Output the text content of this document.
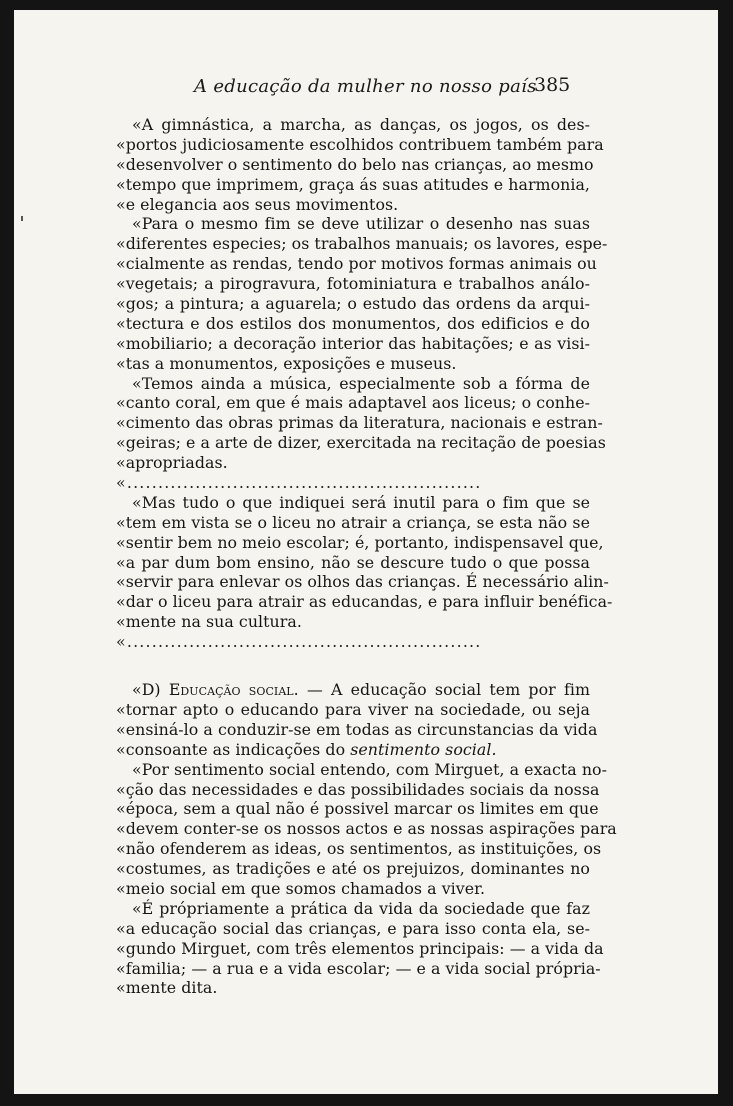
A educação da mulher no nosso país
385
«A gimnástica, a marcha, as danças, os jogos, os des-
«portos judiciosamente escolhidos contribuem também para
«desenvolver o sentimento do belo nas crianças, ao mesmo
«tempo que imprimem, graça ás suas atitudes e harmonia,
«e elegancia aos seus movimentos.
«Para o mesmo fim se deve utilizar o desenho nas suas
«diferentes especies; os trabalhos manuais; os lavores, espe-
«cialmente as rendas, tendo por motivos formas animais ou
«vegetais; a pirogravura, fotominiatura e trabalhos análo-
«gos; a pintura; a aguarela; o estudo das ordens da arqui-
«tectura e dos estilos dos monumentos, dos edificios e do
«mobiliario; a decoração interior das habitações; e as visi-
«tas a monumentos, exposições e museus.
«Temos ainda a música, especialmente sob a fórma de
«canto coral, em que é mais adaptavel aos liceus; o conhe-
«cimento das obras primas da literatura, nacionais e estran-
«geiras; e a arte de dizer, exercitada na recitação de poesias
«apropriadas.
«.........................................................
«Mas tudo o que indiquei será inutil para o fim que se
«tem em vista se o liceu no atrair a criança, se esta não se
«sentir bem no meio escolar; é, portanto, indispensavel que,
«a par dum bom ensino, não se descure tudo o que possa
«servir para enlevar os olhos das crianças. É necessário alin-
«dar o liceu para atrair as educandas, e para influir benéfica-
«mente na sua cultura.
«.........................................................
«D) Educação social. — A educação social tem por fim
«tornar apto o educando para viver na sociedade, ou seja
«ensiná-lo a conduzir-se em todas as circunstancias da vida
«consoante as indicações do sentimento social.
«Por sentimento social entendo, com Mirguet, a exacta no-
«ção das necessidades e das possibilidades sociais da nossa
«época, sem a qual não é possivel marcar os limites em que
«devem conter-se os nossos actos e as nossas aspirações para
«não ofenderem as ideas, os sentimentos, as instituições, os
«costumes, as tradições e até os prejuizos, dominantes no
«meio social em que somos chamados a viver.
«É própriamente a prática da vida da sociedade que faz
«a educação social das crianças, e para isso conta ela, se-
«gundo Mirguet, com três elementos principais: — a vida da
«familia; — a rua e a vida escolar; — e a vida social própria-
«mente dita.
